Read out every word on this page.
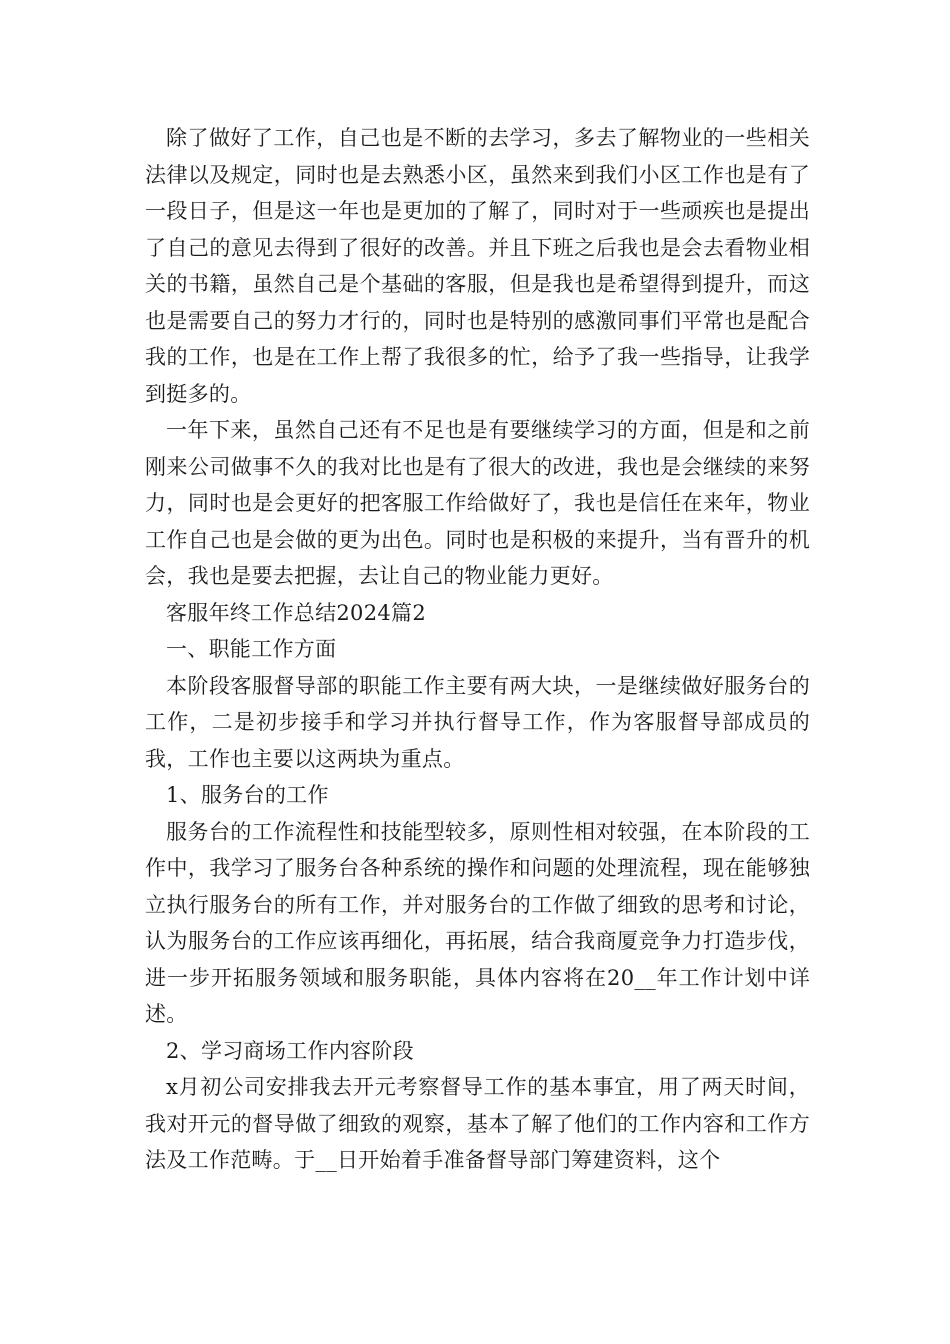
除了做好了工作，自己也是不断的去学习，多去了解物业的一些相关法律以及规定，同时也是去熟悉小区，虽然来到我们小区工作也是有了一段日子，但是这一年也是更加的了解了，同时对于一些顽疾也是提出了自己的意见去得到了很好的改善。并且下班之后我也是会去看物业相关的书籍，虽然自己是个基础的客服，但是我也是希望得到提升，而这也是需要自己的努力才行的，同时也是特别的感激同事们平常也是配合我的工作，也是在工作上帮了我很多的忙，给予了我一些指导，让我学到挺多的。

一年下来，虽然自己还有不足也是有要继续学习的方面，但是和之前刚来公司做事不久的我对比也是有了很大的改进，我也是会继续的来努力，同时也是会更好的把客服工作给做好了，我也是信任在来年，物业工作自己也是会做的更为出色。同时也是积极的来提升，当有晋升的机会，我也是要去把握，去让自己的物业能力更好。

客服年终工作总结2024篇2

一、职能工作方面

本阶段客服督导部的职能工作主要有两大块，一是继续做好服务台的工作，二是初步接手和学习并执行督导工作，作为客服督导部成员的我，工作也主要以这两块为重点。

1、服务台的工作

服务台的工作流程性和技能型较多，原则性相对较强，在本阶段的工作中，我学习了服务台各种系统的操作和问题的处理流程，现在能够独立执行服务台的所有工作，并对服务台的工作做了细致的思考和讨论，认为服务台的工作应该再细化，再拓展，结合我商厦竞争力打造步伐，进一步开拓服务领域和服务职能，具体内容将在20__年工作计划中详述。

2、学习商场工作内容阶段

x月初公司安排我去开元考察督导工作的基本事宜，用了两天时间，我对开元的督导做了细致的观察，基本了解了他们的工作内容和工作方法及工作范畴。于__日开始着手准备督导部门筹建资料，这个
